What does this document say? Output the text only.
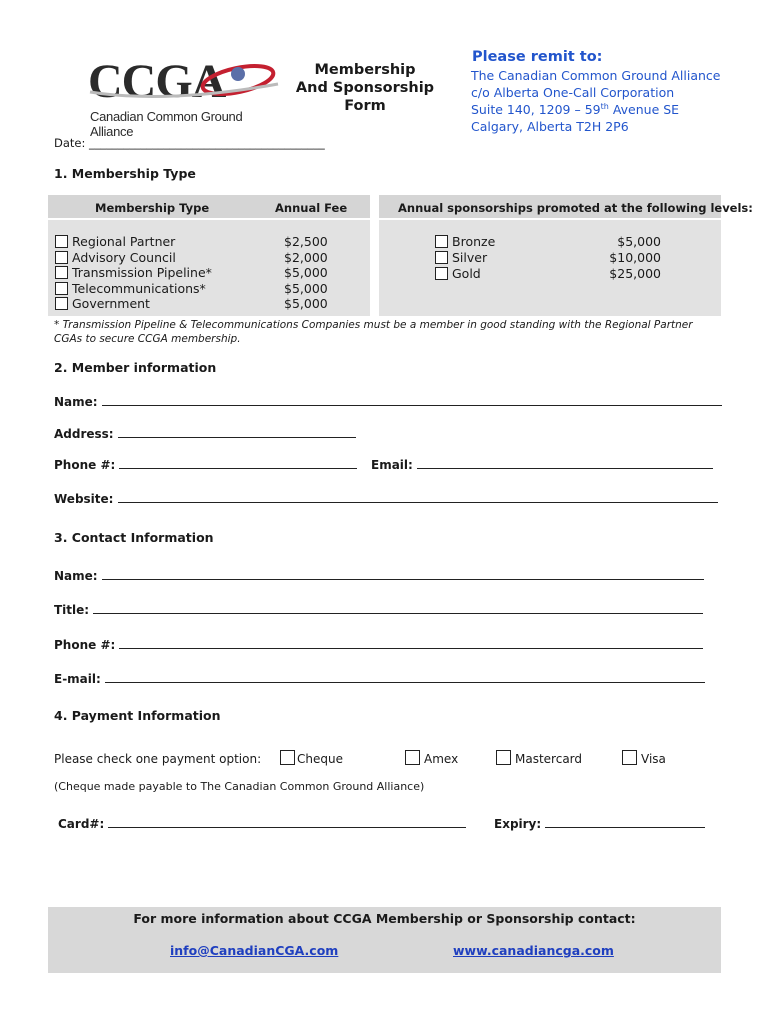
CCGA
Canadian Common Ground Alliance
Membership
And Sponsorship
Form
Please remit to:
The Canadian Common Ground Alliance
c/o Alberta One-Call Corporation
Suite 140, 1209 – 59th Avenue SE
Calgary, Alberta T2H 2P6
Date: _________________________________________
1. Membership Type
Membership Type	Annual Fee	Annual sponsorships promoted at the following levels:
Regional Partner	$2,500
Advisory Council	$2,000
Transmission Pipeline*	$5,000
Telecommunications*	$5,000
Government	$5,000
Bronze	$5,000
Silver	$10,000
Gold	$25,000
* Transmission Pipeline & Telecommunications Companies must be a member in good standing with the Regional Partner CGAs to secure CCGA membership.
2. Member information
Name:
Address:
Phone #:	Email:
Website:
3. Contact Information
Name:
Title:
Phone #:
E-mail:
4. Payment Information
Please check one payment option:	Cheque	Amex	Mastercard	Visa
(Cheque made payable to The Canadian Common Ground Alliance)
Card#:	Expiry:
For more information about CCGA Membership or Sponsorship contact:
info@CanadianCGA.com	www.canadiancga.com
